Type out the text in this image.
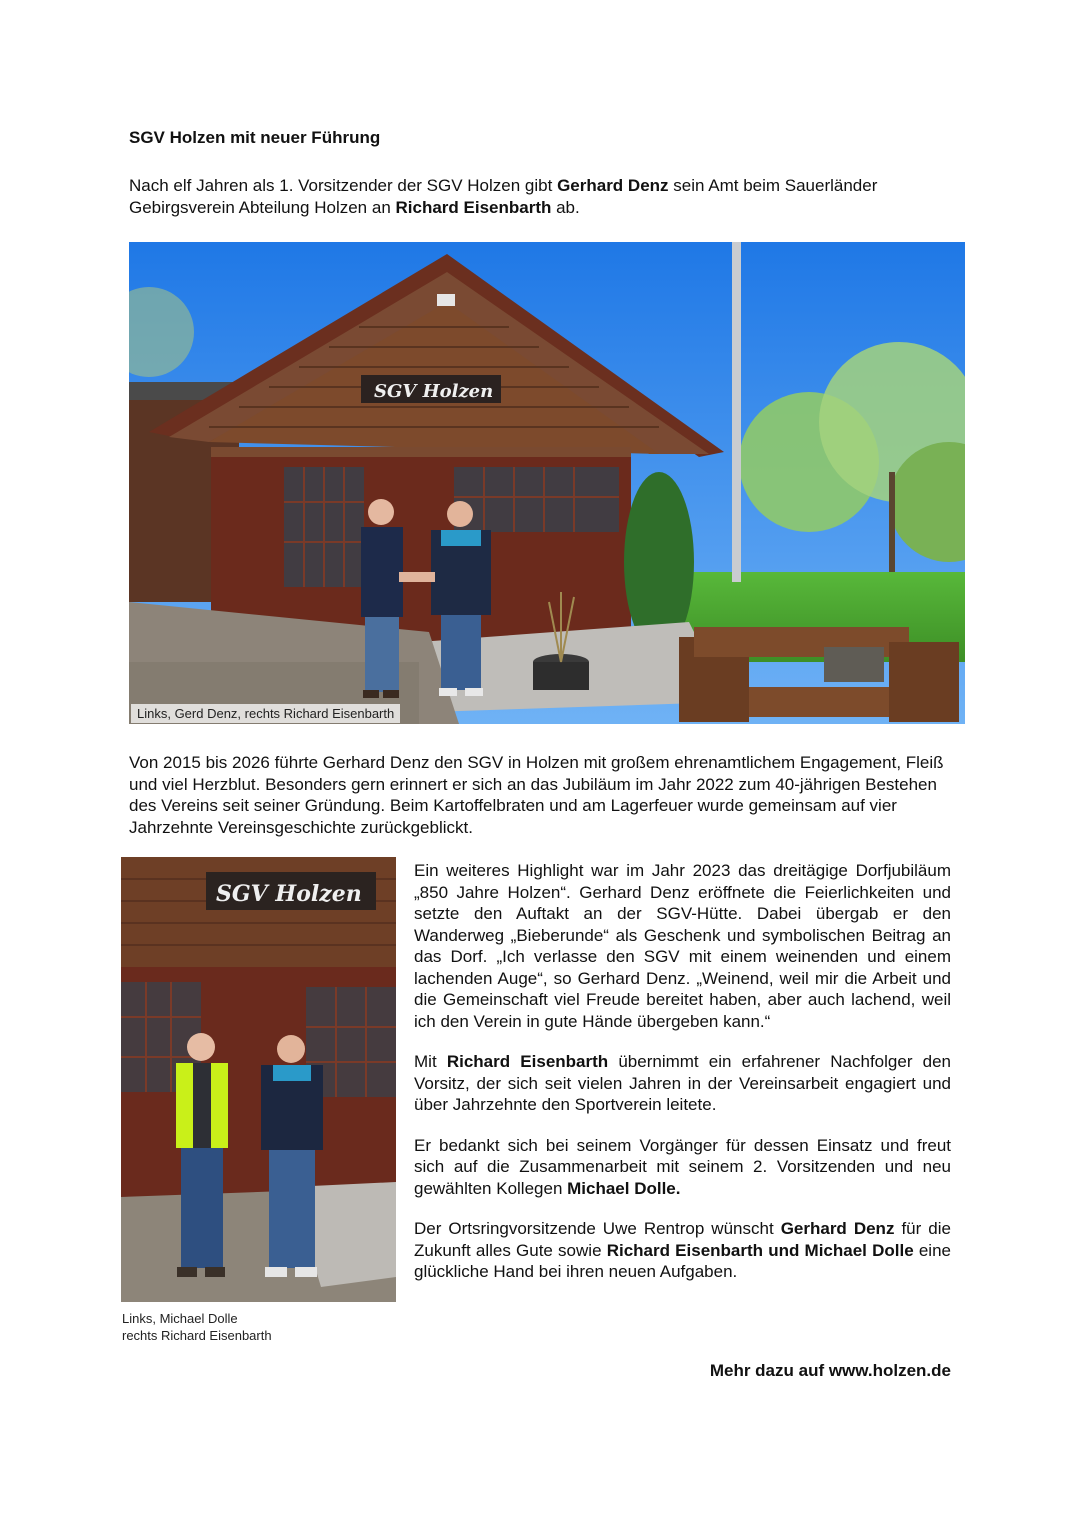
SGV Holzen mit neuer Führung

Nach elf Jahren als 1. Vorsitzender der SGV Holzen gibt Gerhard Denz sein Amt beim Sauerländer Gebirgsverein Abteilung Holzen an Richard Eisenbarth ab.

SGV Holzen
Links, Gerd Denz, rechts Richard Eisenbarth

Von 2015 bis 2026 führte Gerhard Denz den SGV in Holzen mit großem ehrenamtlichem Engagement, Fleiß und viel Herzblut. Besonders gern erinnert er sich an das Jubiläum im Jahr 2022 zum 40-jährigen Bestehen des Vereins seit seiner Gründung. Beim Kartoffelbraten und am Lagerfeuer wurde gemeinsam auf vier Jahrzehnte Vereinsgeschichte zurückgeblickt.

SGV Holzen
Links, Michael Dolle
rechts Richard Eisenbarth

Ein weiteres Highlight war im Jahr 2023 das dreitägige Dorfjubiläum „850 Jahre Holzen“. Gerhard Denz eröffnete die Feierlichkeiten und setzte den Auftakt an der SGV-Hütte. Dabei übergab er den Wanderweg „Bieberunde“ als Geschenk und symbolischen Beitrag an das Dorf. „Ich verlasse den SGV mit einem weinenden und einem lachenden Auge“, so Gerhard Denz. „Weinend, weil mir die Arbeit und die Gemeinschaft viel Freude bereitet haben, aber auch lachend, weil ich den Verein in gute Hände übergeben kann.“

Mit Richard Eisenbarth übernimmt ein erfahrener Nachfolger den Vorsitz, der sich seit vielen Jahren in der Vereinsarbeit engagiert und über Jahrzehnte den Sportverein leitete.

Er bedankt sich bei seinem Vorgänger für dessen Einsatz und freut sich auf die Zusammenarbeit mit seinem 2. Vorsitzenden und neu gewählten Kollegen Michael Dolle.

Der Ortsringvorsitzende Uwe Rentrop wünscht Gerhard Denz für die Zukunft alles Gute sowie Richard Eisenbarth und Michael Dolle eine glückliche Hand bei ihren neuen Aufgaben.

Mehr dazu auf www.holzen.de
